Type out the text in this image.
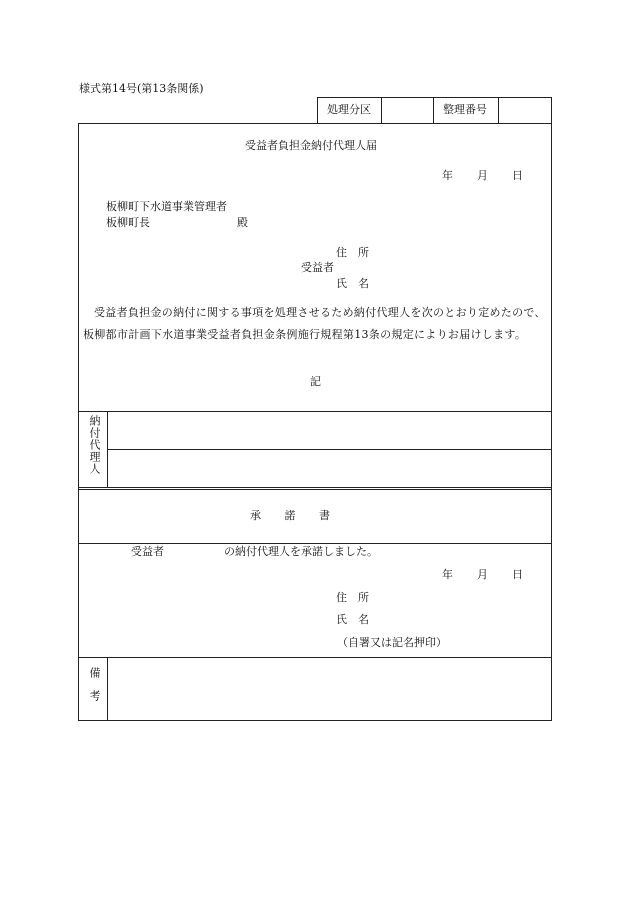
様式第14号(第13条関係)
処理分区	整理番号
受益者負担金納付代理人届
年 月 日
板柳町下水道事業管理者
板柳町長	殿
住　所
受益者
氏　名
受益者負担金の納付に関する事項を処理させるため納付代理人を次のとおり定めたので、板柳都市計画下水道事業受益者負担金条例施行規程第13条の規定によりお届けします。
記
納付代理人
承　　諾　　書
受益者	の納付代理人を承諾しました。
年 月 日
住　所
氏　名
（自署又は記名押印）
備考
